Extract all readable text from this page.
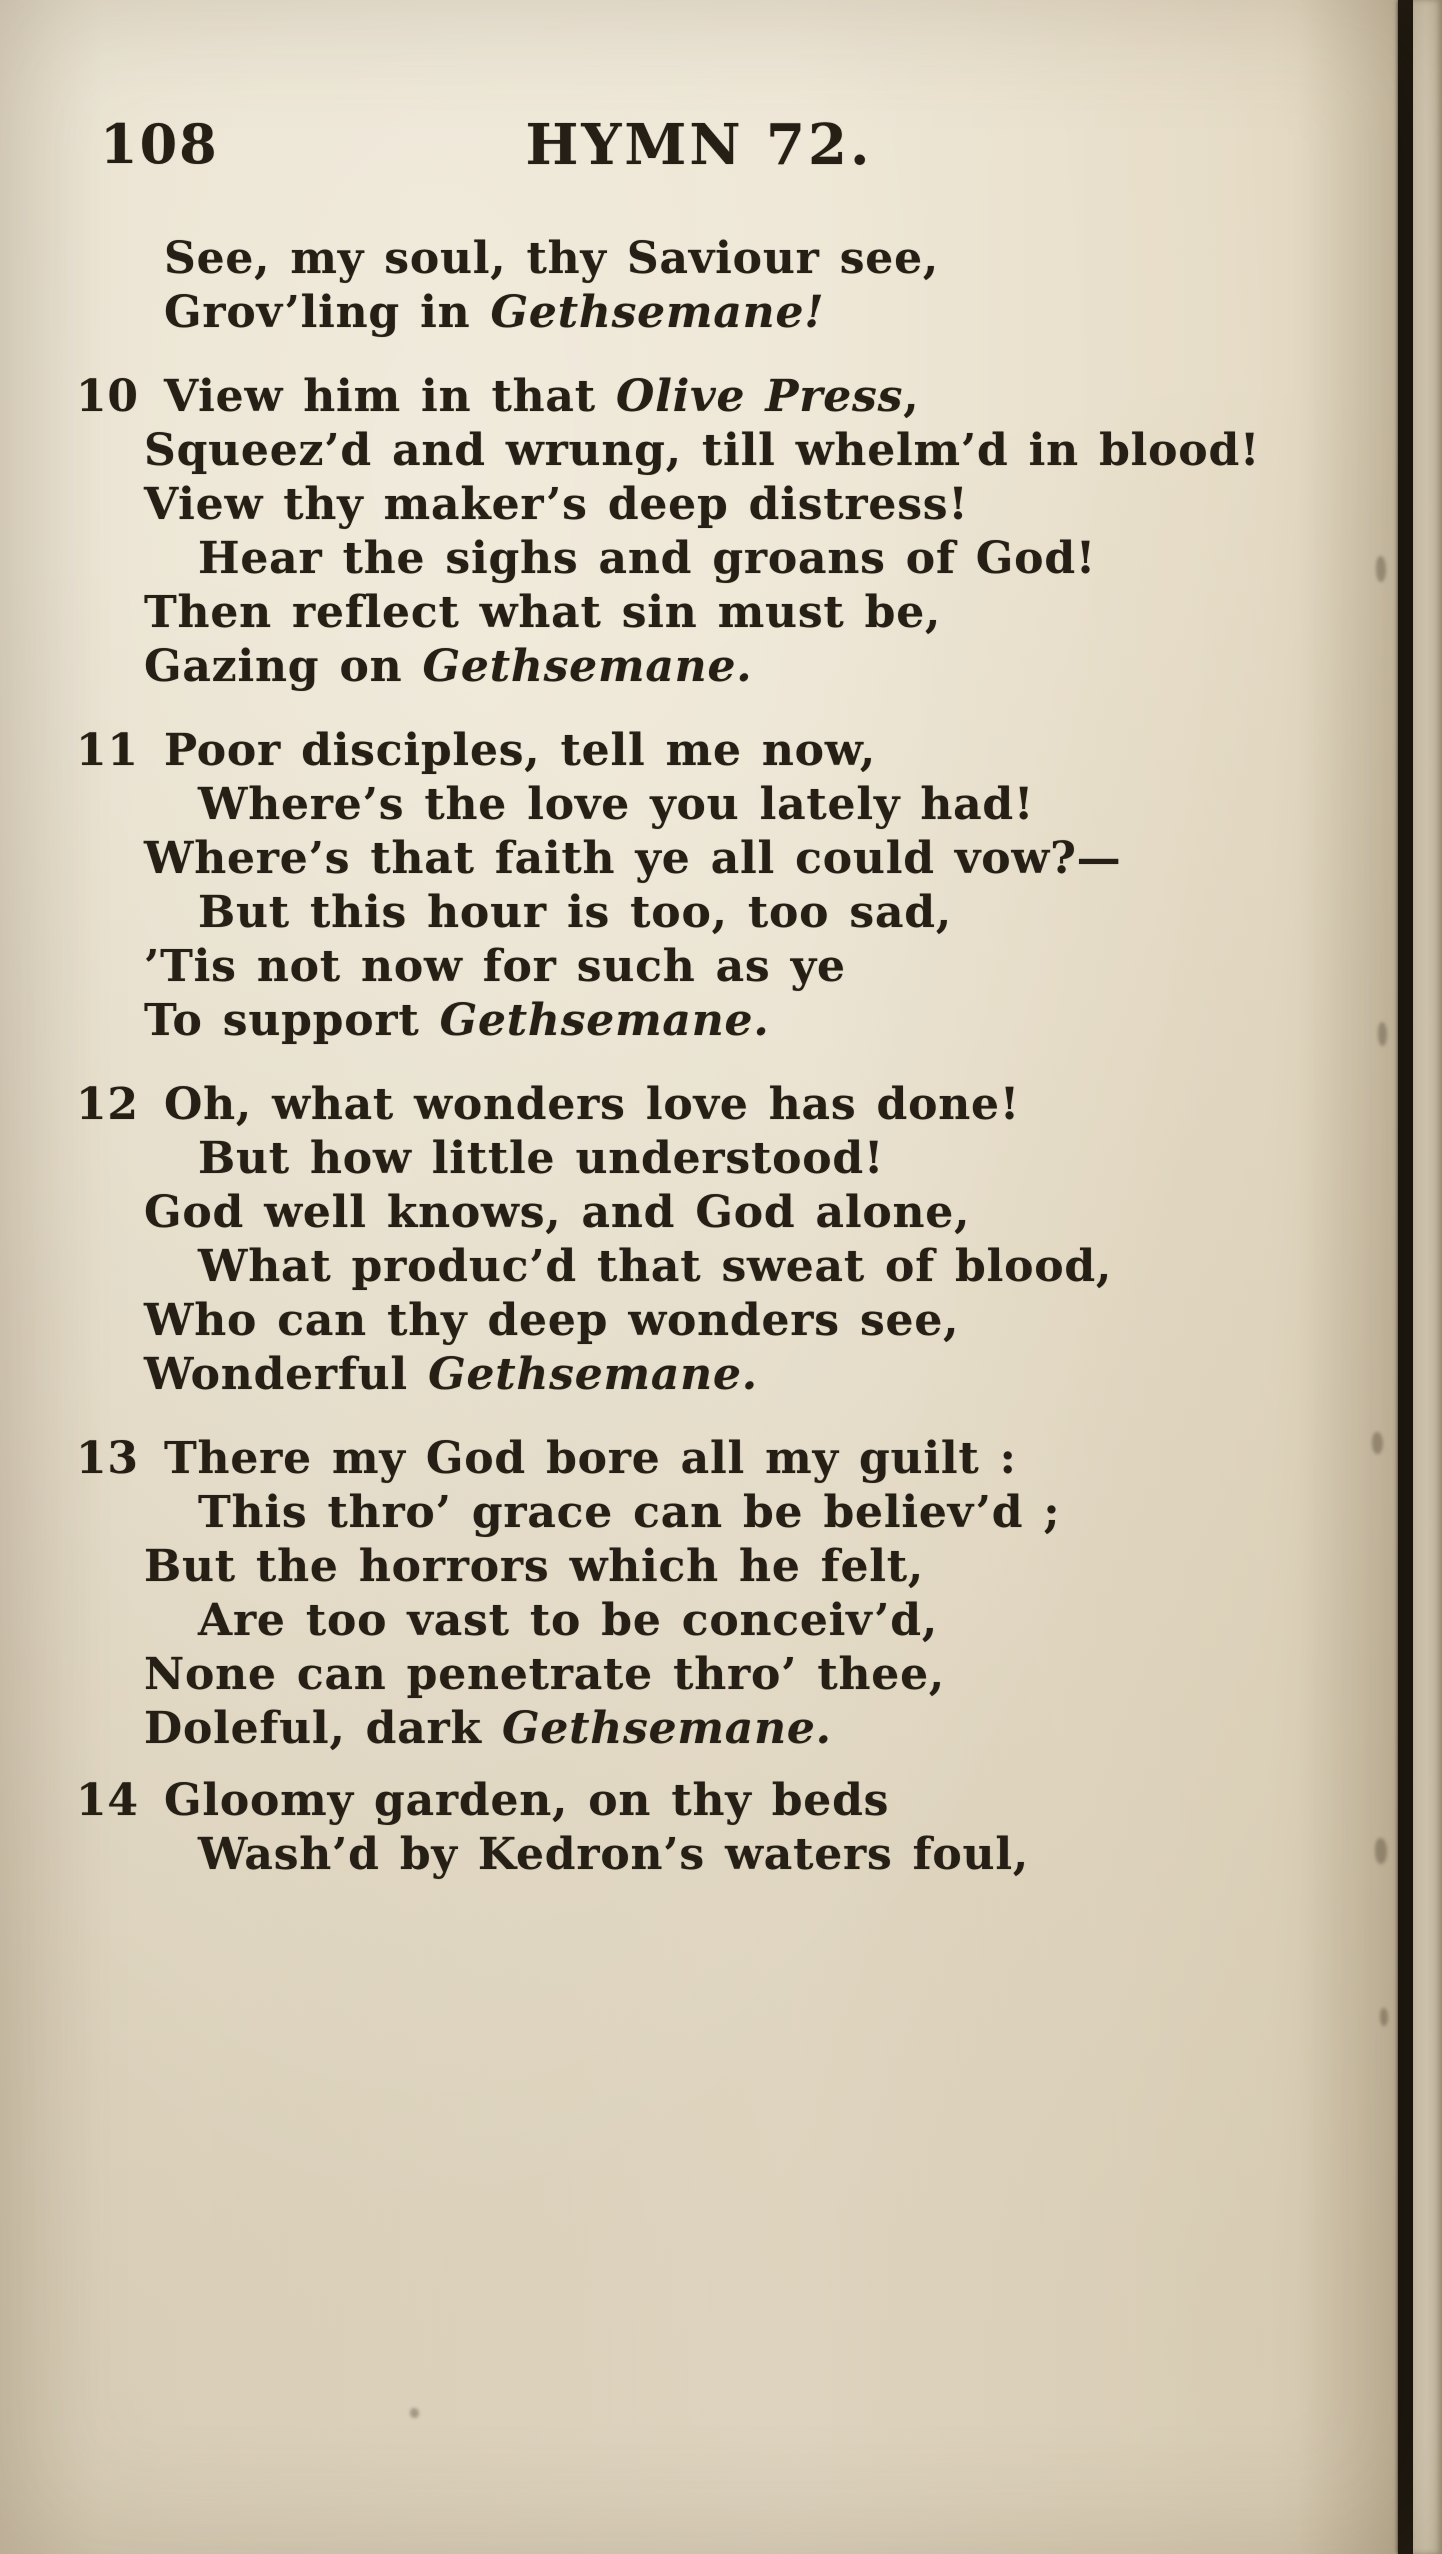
108	HYMN 72.
See, my soul, thy Saviour see,
Grov’ling in Gethsemane!
10 View him in that Olive Press,
Squeez’d and wrung, till whelm’d in blood!
View thy maker’s deep distress!
Hear the sighs and groans of God!
Then reflect what sin must be,
Gazing on Gethsemane.
11 Poor disciples, tell me now,
Where’s the love you lately had!
Where’s that faith ye all could vow?—
But this hour is too, too sad,
’Tis not now for such as ye
To support Gethsemane.
12 Oh, what wonders love has done!
But how little understood!
God well knows, and God alone,
What produc’d that sweat of blood,
Who can thy deep wonders see,
Wonderful Gethsemane.
13 There my God bore all my guilt :
This thro’ grace can be believ’d ;
But the horrors which he felt,
Are too vast to be conceiv’d,
None can penetrate thro’ thee,
Doleful, dark Gethsemane.
14 Gloomy garden, on thy beds
Wash’d by Kedron’s waters foul,
